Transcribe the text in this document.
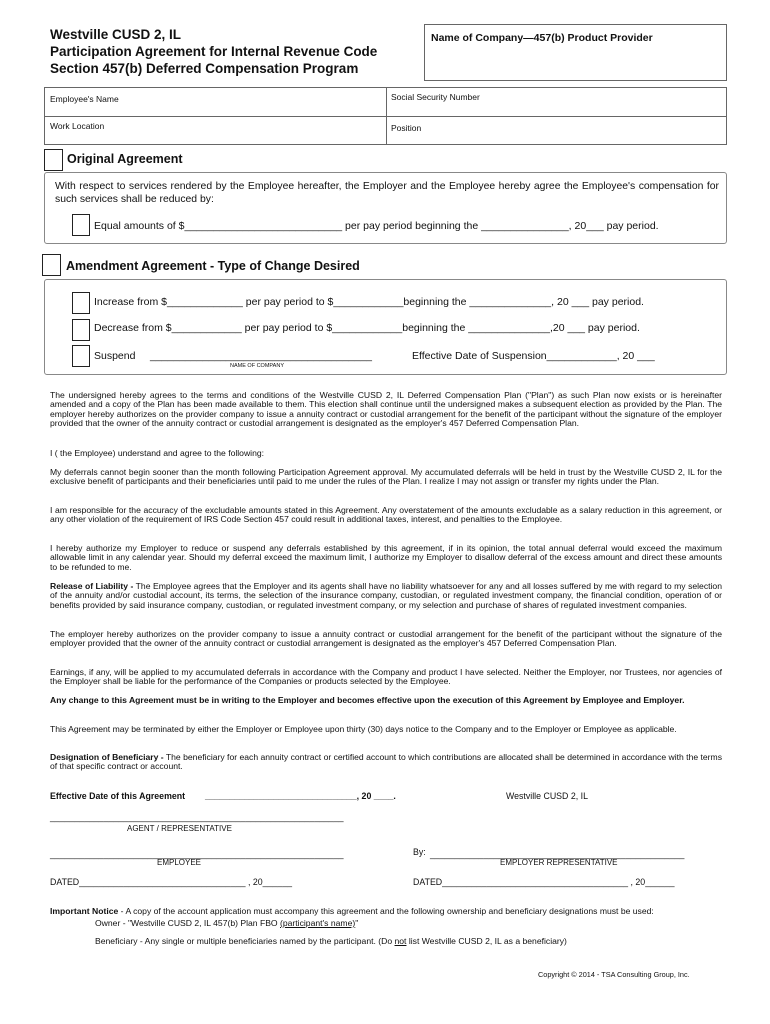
Westville CUSD 2, IL
Participation Agreement for Internal Revenue Code
Section 457(b) Deferred Compensation Program
Name of Company—457(b) Product Provider
Employee's Name	Social Security Number
Work Location	Position
Original Agreement
With respect to services rendered by the Employee hereafter, the Employer and the Employee hereby agree the Employee's compensation for such services shall be reduced by:
Equal amounts of $___________________________ per pay period beginning the _______________, 20___ pay period.
Amendment Agreement - Type of Change Desired
Increase from $_____________ per pay period to $____________beginning the ______________, 20 ___ pay period.
Decrease from $____________ per pay period to $____________beginning the ______________,20 ___ pay period.
Suspend ______________________________________	Effective Date of Suspension____________, 20 ___
NAME OF COMPANY
The undersigned hereby agrees to the terms and conditions of the Westville CUSD 2, IL Deferred Compensation Plan ("Plan") as such Plan now exists or is hereinafter amended and a copy of the Plan has been made available to them. This election shall continue until the undersigned makes a subsequent election as provided by the Plan. The employer hereby authorizes on the provider company to issue a annuity contract or custodial arrangement for the benefit of the participant without the signature of the employer provided that the owner of the annuity contract or custodial arrangement is designated as the employer's 457 Deferred Compensation Plan.
I ( the Employee) understand and agree to the following:
My deferrals cannot begin sooner than the month following Participation Agreement approval. My accumulated deferrals will be held in trust by the Westville CUSD 2, IL for the exclusive benefit of participants and their beneficiaries until paid to me under the rules of the Plan. I realize I may not assign or transfer my rights under the Plan.
I am responsible for the accuracy of the excludable amounts stated in this Agreement. Any overstatement of the amounts excludable as a salary reduction in this agreement, or any other violation of the requirement of IRS Code Section 457 could result in additional taxes, interest, and penalties to the Employee.
I hereby authorize my Employer to reduce or suspend any deferrals established by this agreement, if in its opinion, the total annual deferral would exceed the maximum allowable limit in any calendar year. Should my deferral exceed the maximum limit, I authorize my Employer to disallow deferral of the excess amount and direct these amounts to be refunded to me.
Release of Liability - The Employee agrees that the Employer and its agents shall have no liability whatsoever for any and all losses suffered by me with regard to my selection of the annuity and/or custodial account, its terms, the selection of the insurance company, custodian, or regulated investment company, the financial condition, operation of or benefits provided by said insurance company, custodian, or regulated investment company, or my selection and purchase of shares of regulated investment companies.
The employer hereby authorizes on the provider company to issue a annuity contract or custodial arrangement for the benefit of the participant without the signature of the employer provided that the owner of the annuity contract or custodial arrangement is designated as the employer's 457 Deferred Compensation Plan.
Earnings, if any, will be applied to my accumulated deferrals in accordance with the Company and product I have selected. Neither the Employer, nor Trustees, nor agencies of the Employer shall be liable for the performance of the Companies or products selected by the Employee.
Any change to this Agreement must be in writing to the Employer and becomes effective upon the execution of this Agreement by Employee and Employer.
This Agreement may be terminated by either the Employer or Employee upon thirty (30) days notice to the Company and to the Employer or Employee as applicable.
Designation of Beneficiary - The beneficiary for each annuity contract or certified account to which contributions are allocated shall be determined in accordance with the terms of that specific contract or account.
Effective Date of this Agreement _______________________________, 20 ____.	Westville CUSD 2, IL
____________________________________________________________
AGENT / REPRESENTATIVE
____________________________________________________________
EMPLOYEE
By: ____________________________________________________
EMPLOYER REPRESENTATIVE
DATED__________________________________ , 20______	DATED______________________________________ , 20______
Important Notice - A copy of the account application must accompany this agreement and the following ownership and beneficiary designations must be used:
Owner - "Westville CUSD 2, IL 457(b) Plan FBO (participant's name)"
Beneficiary - Any single or multiple beneficiaries named by the participant. (Do not list Westville CUSD 2, IL as a beneficiary)
Copyright © 2014 - TSA Consulting Group, Inc.
